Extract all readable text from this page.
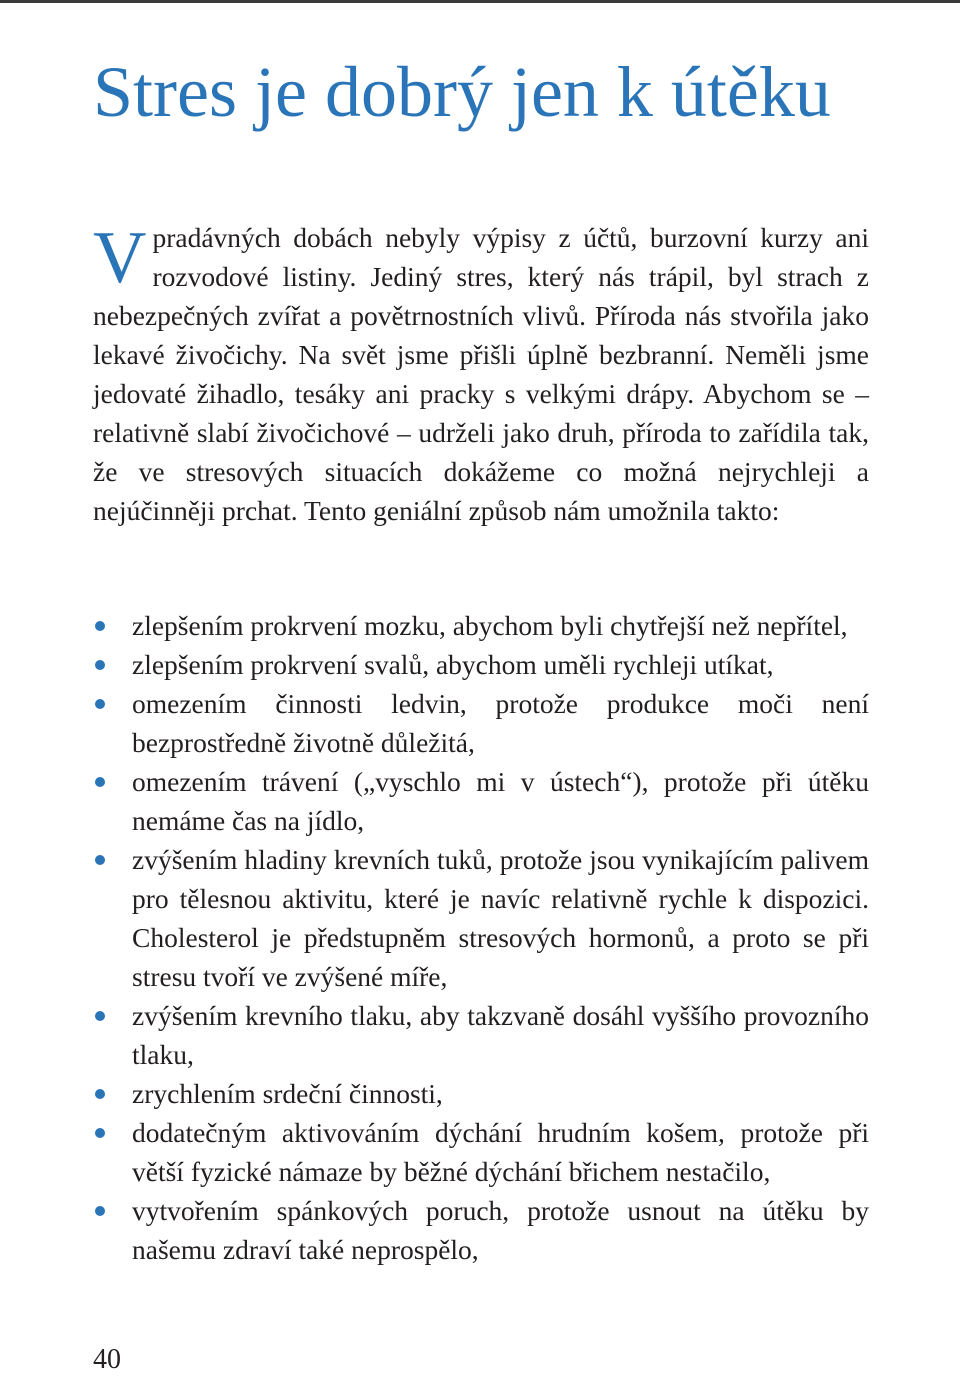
Stres je dobrý jen k útěku

Vpradávných dobách nebyly výpisy z účtů, burzovní kurzy ani rozvodové listiny. Jediný stres, který nás trápil, byl strach z nebezpečných zvířat a povětrnostních vlivů. Příroda nás stvořila jako lekavé živočichy. Na svět jsme přišli úplně bezbranní. Neměli jsme jedovaté žihadlo, tesáky ani pracky s velkými drápy. Abychom se – relativně slabí živočichové – udrželi jako druh, příroda to zařídila tak, že ve stresových situacích dokážeme co možná nejrychleji a nejúčinněji prchat. Tento geniální způsob nám umožnila takto:

zlepšením prokrvení mozku, abychom byli chytřejší než nepřítel,
zlepšením prokrvení svalů, abychom uměli rychleji utíkat,
omezením činnosti ledvin, protože produkce moči není bezprostředně životně důležitá,
omezením trávení („vyschlo mi v ústech“), protože při útěku nemáme čas na jídlo,
zvýšením hladiny krevních tuků, protože jsou vynikajícím palivem pro tělesnou aktivitu, které je navíc relativně rychle k dispozici. Cholesterol je předstupněm stresových hormonů, a proto se při stresu tvoří ve zvýšené míře,
zvýšením krevního tlaku, aby takzvaně dosáhl vyššího provozního tlaku,
zrychlením srdeční činnosti,
dodatečným aktivováním dýchání hrudním košem, protože při větší fyzické námaze by běžné dýchání břichem nestačilo,
vytvořením spánkových poruch, protože usnout na útěku by našemu zdraví také neprospělo,
40
